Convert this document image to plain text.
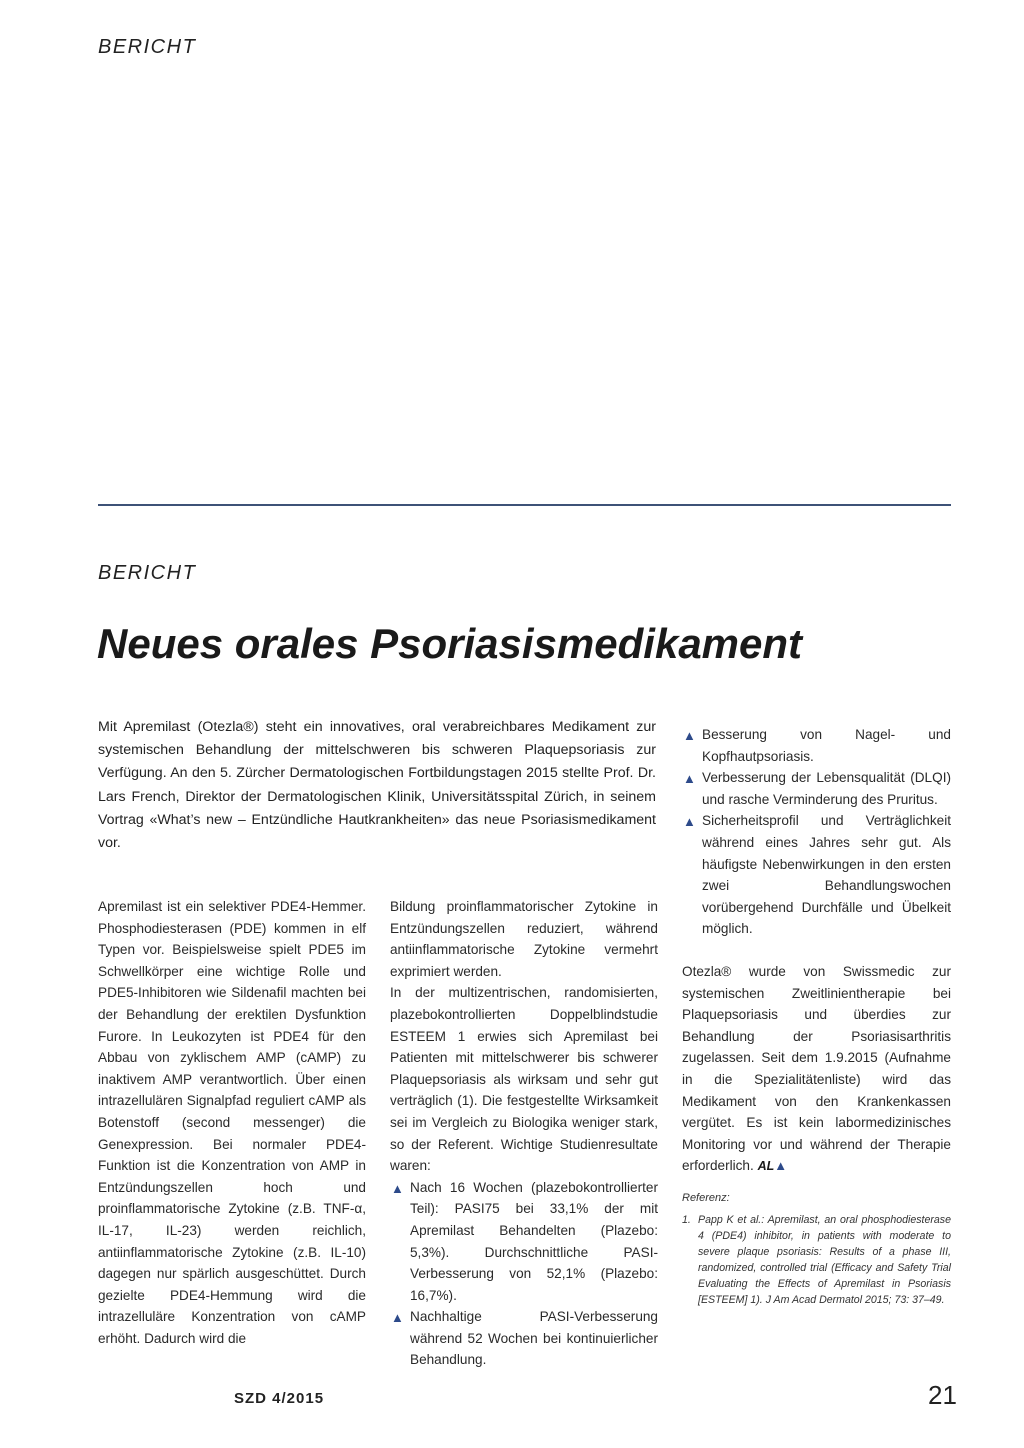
BERICHT
BERICHT
Neues orales Psoriasismedikament
Mit Apremilast (Otezla®) steht ein innovatives, oral verabreichbares Medikament zur systemischen Behandlung der mittelschweren bis schweren Plaquepsoriasis zur Verfügung. An den 5. Zürcher Dermatologischen Fortbildungstagen 2015 stellte Prof. Dr. Lars French, Direktor der Dermatologischen Klinik, Universitätsspital Zürich, in seinem Vortrag «What’s new – Entzündliche Hautkrankheiten» das neue Psoriasismedikament vor.

Apremilast ist ein selektiver PDE4-Hemmer. Phosphodiesterasen (PDE) kommen in elf Typen vor. Beispielsweise spielt PDE5 im Schwellkörper eine wichtige Rolle und PDE5-Inhibitoren wie Sildenafil machten bei der Behandlung der erektilen Dysfunktion Furore. In Leukozyten ist PDE4 für den Abbau von zyklischem AMP (cAMP) zu inaktivem AMP verantwortlich. Über einen intrazellulären Signalpfad reguliert cAMP als Botenstoff (second messenger) die Genexpression. Bei normaler PDE4-Funktion ist die Konzentration von AMP in Entzündungszellen hoch und proinflammatorische Zytokine (z.B. TNF-α, IL-17, IL-23) werden reichlich, antiinflammatorische Zytokine (z.B. IL-10) dagegen nur spärlich ausgeschüttet. Durch gezielte PDE4-Hemmung wird die intrazelluläre Konzentration von cAMP erhöht. Dadurch wird die

Bildung proinflammatorischer Zytokine in Entzündungszellen reduziert, während antiinflammatorische Zytokine vermehrt exprimiert werden.

In der multizentrischen, randomisierten, plazebokontrollierten Doppelblindstudie ESTEEM 1 erwies sich Apremilast bei Patienten mit mittelschwerer bis schwerer Plaquepsoriasis als wirksam und sehr gut verträglich (1). Die festgestellte Wirksamkeit sei im Vergleich zu Biologika weniger stark, so der Referent. Wichtige Studienresultate waren:

▲ Nach 16 Wochen (plazebokontrollierter Teil): PASI75 bei 33,1% der mit Apremilast Behandelten (Plazebo: 5,3%). Durchschnittliche PASI-Verbesserung von 52,1% (Plazebo: 16,7%).
▲ Nachhaltige PASI-Verbesserung während 52 Wochen bei kontinuierlicher Behandlung.
▲ Besserung von Nagel- und Kopfhautpsoriasis.
▲ Verbesserung der Lebensqualität (DLQI) und rasche Verminderung des Pruritus.
▲ Sicherheitsprofil und Verträglichkeit während eines Jahres sehr gut. Als häufigste Nebenwirkungen in den ersten zwei Behandlungswochen vorübergehend Durchfälle und Übelkeit möglich.

Otezla® wurde von Swissmedic zur systemischen Zweitlinientherapie bei Plaquepsoriasis und überdies zur Behandlung der Psoriasisarthritis zugelassen. Seit dem 1.9.2015 (Aufnahme in die Spezialitätenliste) wird das Medikament von den Krankenkassen vergütet. Es ist kein labormedizinisches Monitoring vor und während der Therapie erforderlich. AL▲

Referenz:
1. Papp K et al.: Apremilast, an oral phosphodiesterase 4 (PDE4) inhibitor, in patients with moderate to severe plaque psoriasis: Results of a phase III, randomized, controlled trial (Efficacy and Safety Trial Evaluating the Effects of Apremilast in Psoriasis [ESTEEM] 1). J Am Acad Dermatol 2015; 73: 37–49.
SZD 4/2015	21
